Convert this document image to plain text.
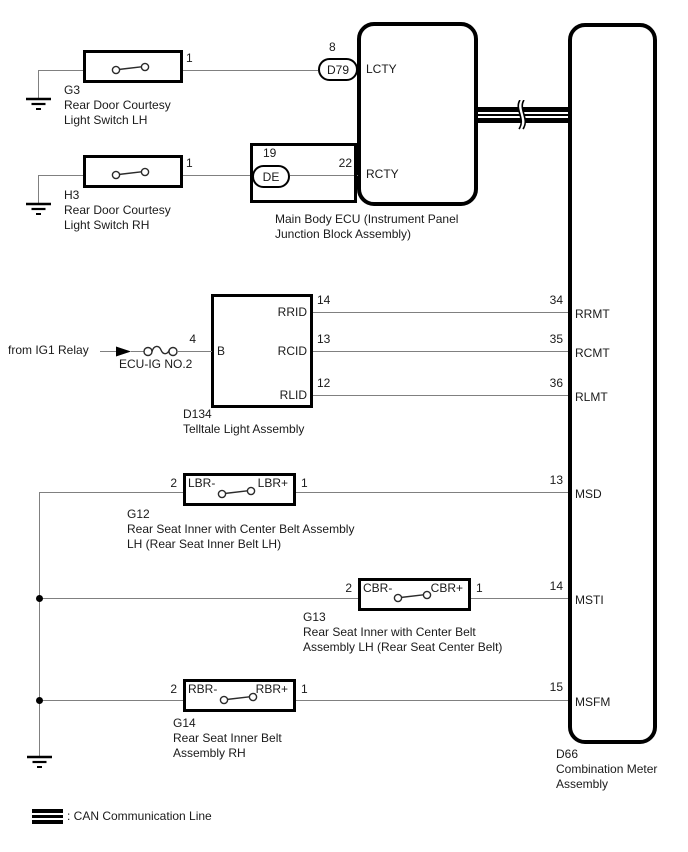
D79
DE
1
G3
Rear Door Courtesy
Light Switch LH
1
H3
Rear Door Courtesy
Light Switch RH
8
LCTY
19
22
RCTY
Main Body ECU (Instrument Panel
Junction Block Assembly)
from IG1 Relay
ECU-IG NO.2
4
B
RRID
RCID
RLID
14
13
12
D134
Telltale Light Assembly
2 LBR-	LBR+ 1
G12
Rear Seat Inner with Center Belt Assembly
LH (Rear Seat Inner Belt LH)
2 CBR-	CBR+ 1
G13
Rear Seat Inner with Center Belt
Assembly LH (Rear Seat Center Belt)
2 RBR-	RBR+ 1
G14
Rear Seat Inner Belt
Assembly RH
34
RRMT
35
RCMT
36
RLMT
13
MSD
14
MSTI
15
MSFM
D66
Combination Meter
Assembly
: CAN Communication Line
